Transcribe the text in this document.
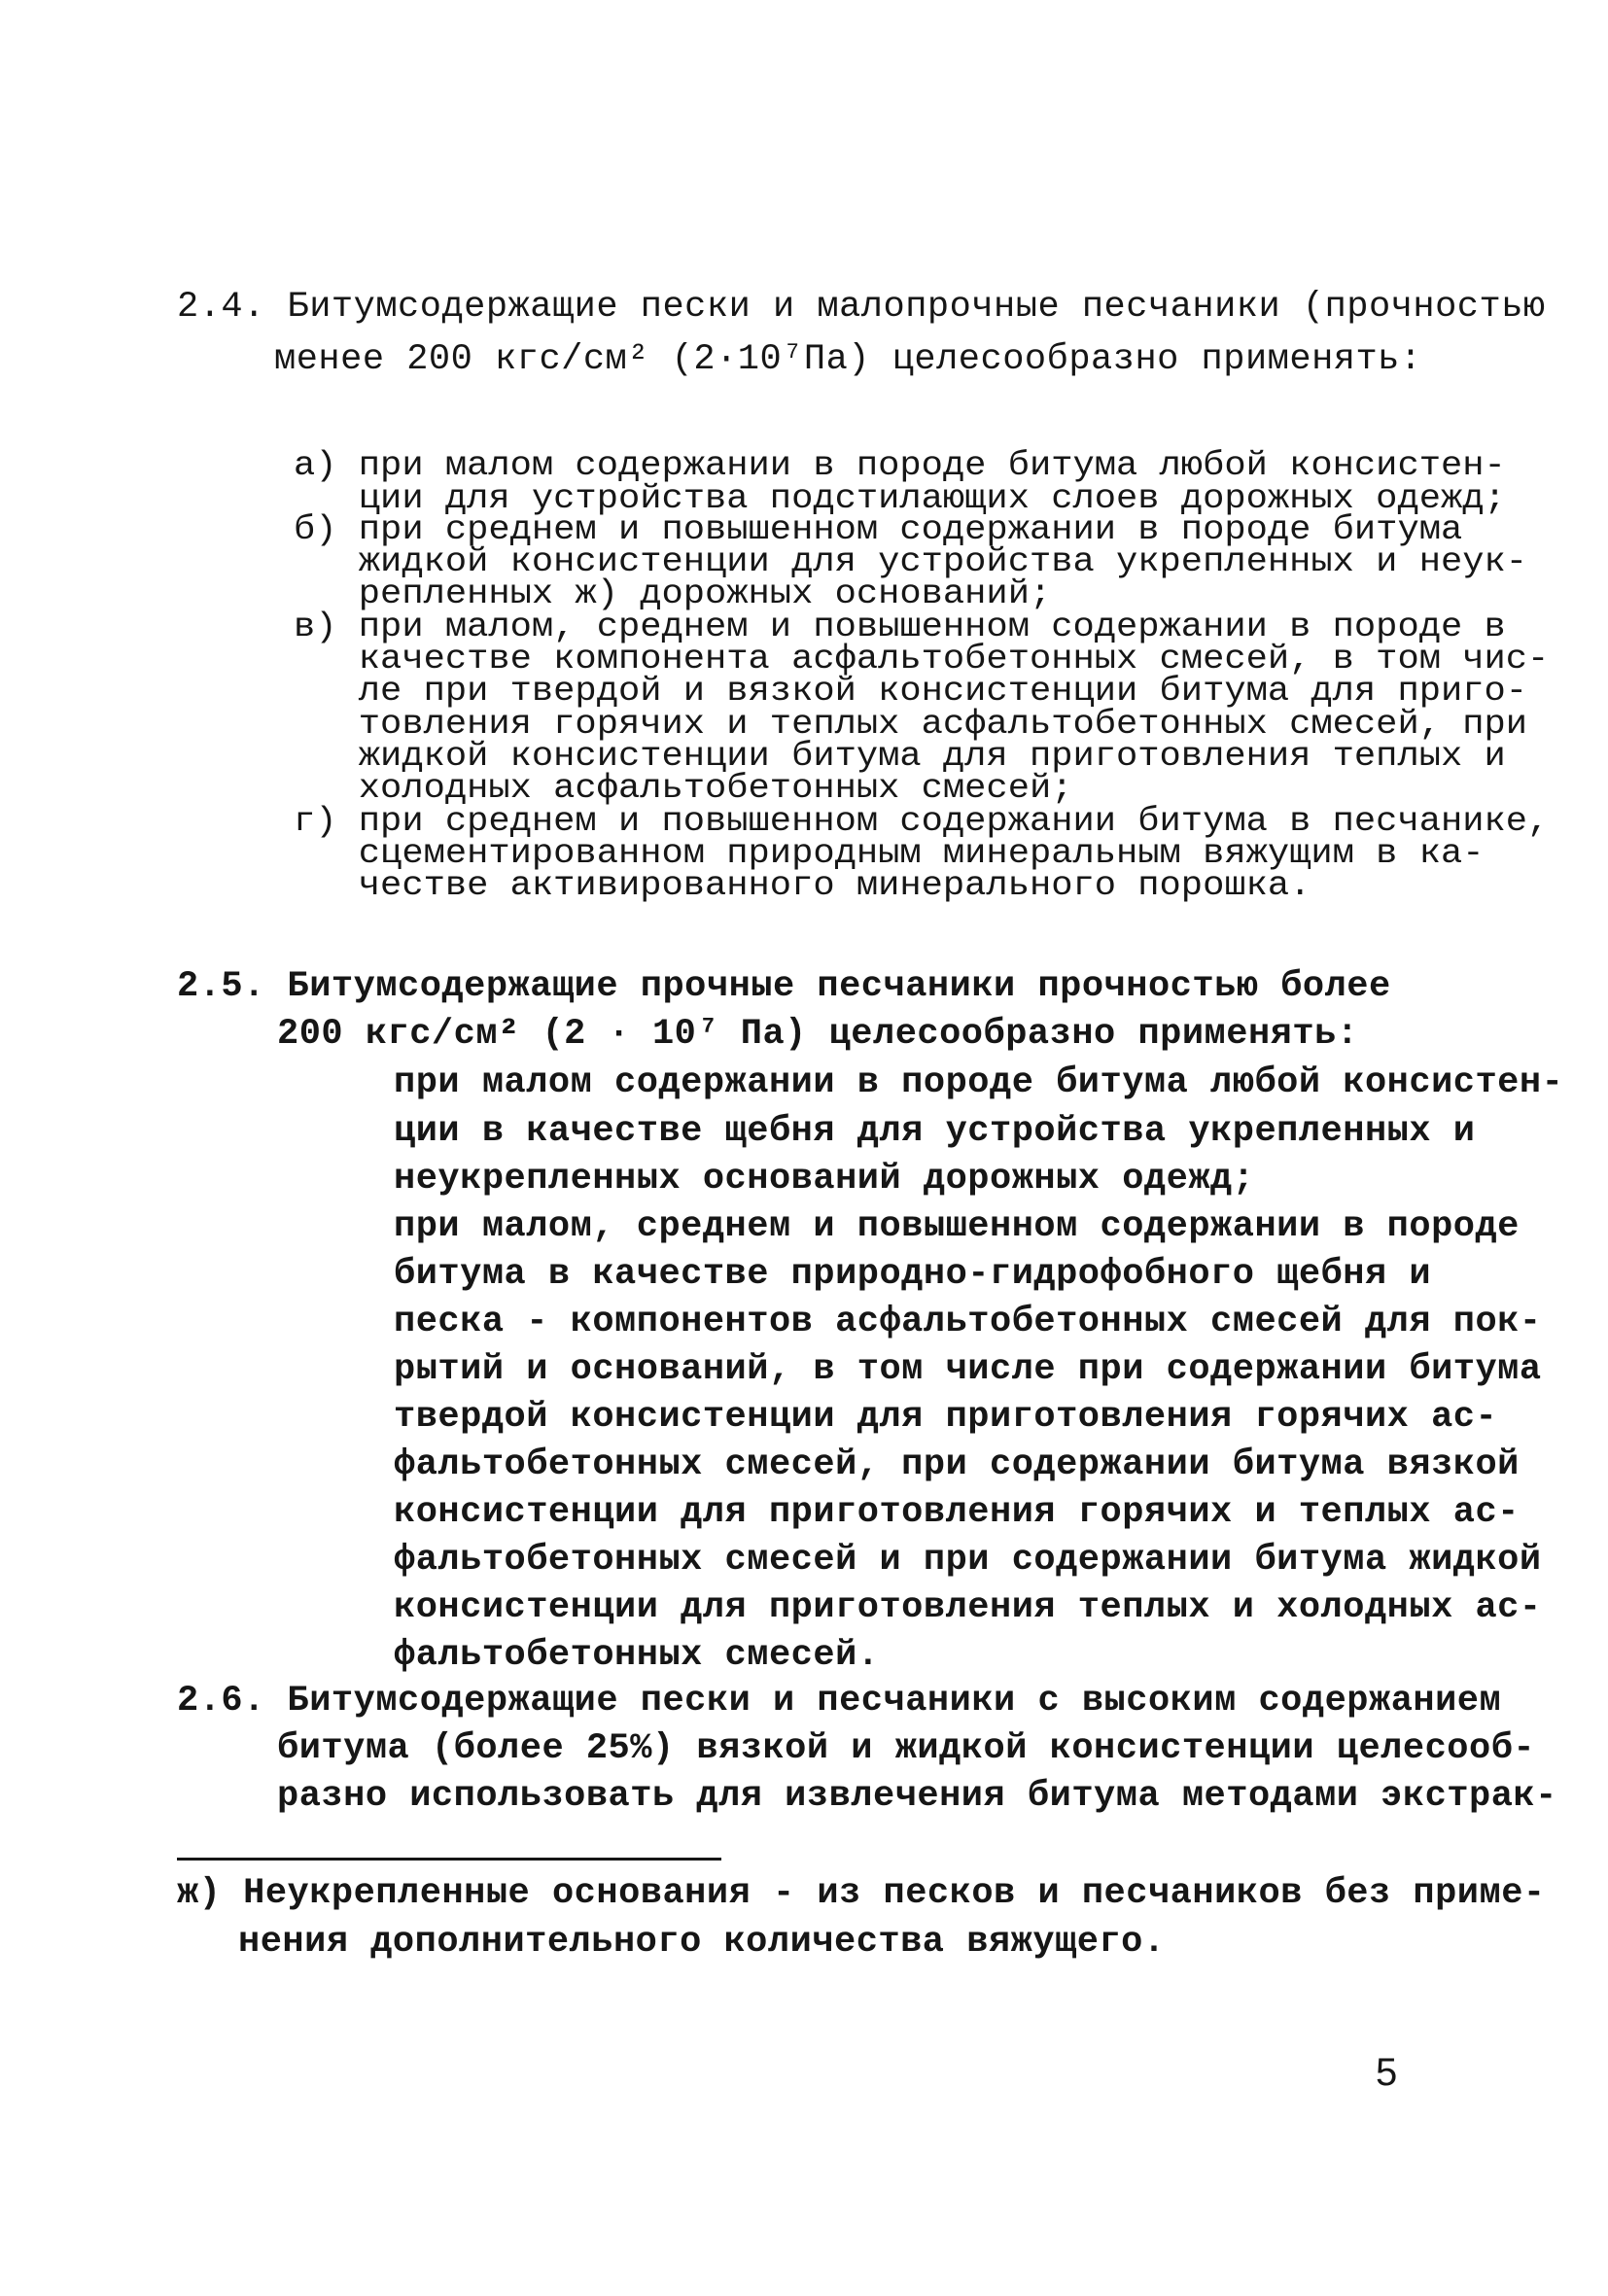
2.4. Битумсодержащие пески и малопрочные песчаники (прочностью
менее 200 кгс/см² (2·10⁷Па) целесообразно применять:
а) при малом содержании в породе битума любой консистен-
ции для устройства подстилающих слоев дорожных одежд;
б) при среднем и повышенном содержании в породе битума
жидкой консистенции для устройства укрепленных и неук-
репленных ж) дорожных оснований;
в) при малом, среднем и повышенном содержании в породе в
качестве компонента асфальтобетонных смесей, в том чис-
ле при твердой и вязкой консистенции битума для приго-
товления горячих и теплых асфальтобетонных смесей, при
жидкой консистенции битума для приготовления теплых и
холодных асфальтобетонных смесей;
г) при среднем и повышенном содержании битума в песчанике,
сцементированном природным минеральным вяжущим в ка-
честве активированного минерального порошка.
2.5. Битумсодержащие прочные песчаники прочностью более
200 кгс/см² (2 · 10⁷ Па) целесообразно применять:
при малом содержании в породе битума любой консистен-
ции в качестве щебня для устройства укрепленных и
неукрепленных оснований дорожных одежд;
при малом, среднем и повышенном содержании в породе
битума в качестве природно-гидрофобного щебня и
песка - компонентов асфальтобетонных смесей для пок-
рытий и оснований, в том числе при содержании битума
твердой консистенции для приготовления горячих ас-
фальтобетонных смесей, при содержании битума вязкой
консистенции для приготовления горячих и теплых ас-
фальтобетонных смесей и при содержании битума жидкой
консистенции для приготовления теплых и холодных ас-
фальтобетонных смесей.
2.6. Битумсодержащие пески и песчаники с высоким содержанием
битума (более 25%) вязкой и жидкой консистенции целесооб-
разно использовать для извлечения битума методами экстрак-
ж) Неукрепленные основания - из песков и песчаников без приме-
нения дополнительного количества вяжущего.
5
